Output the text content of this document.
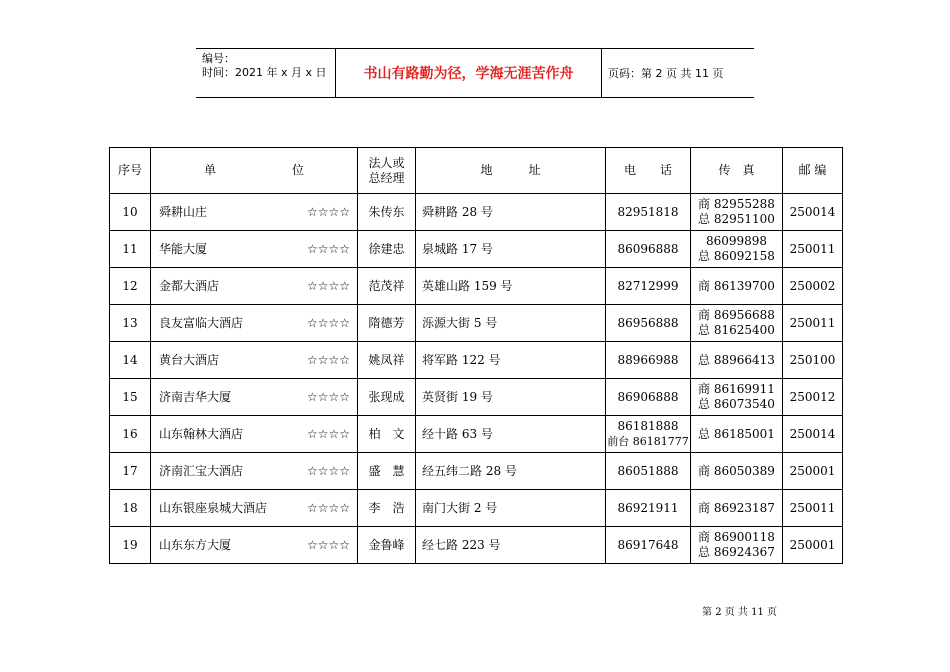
编号：
时间：2021 年 x 月 x 日	书山有路勤为径，学海无涯苦作舟	页码：第 2 页 共 11 页
序号	单 位	法人或
总经理	地　　　址	电　　话	传　真	邮 编
10	舜耕山庄 ☆☆☆☆	朱传东	舜耕路 28 号	82951818	商 82955288
总 82951100	250014
11	华能大厦 ☆☆☆☆	徐建忠	泉城路 17 号	86096888	86099898
总 86092158	250011
12	金都大酒店 ☆☆☆☆	范茂祥	英雄山路 159 号	82712999	商 86139700	250002
13	良友富临大酒店 ☆☆☆☆	隋德芳	泺源大街 5 号	86956888	商 86956688
总 81625400	250011
14	黄台大酒店 ☆☆☆☆	姚凤祥	将军路 122 号	88966988	总 88966413	250100
15	济南吉华大厦 ☆☆☆☆	张现成	英贤街 19 号	86906888	商 86169911
总 86073540	250012
16	山东翰林大酒店 ☆☆☆☆	柏　文	经十路 63 号	86181888
前台 86181777	总 86185001	250014
17	济南汇宝大酒店 ☆☆☆☆	盛　慧	经五纬二路 28 号	86051888	商 86050389	250001
18	山东银座泉城大酒店 ☆☆☆☆	李　浩	南门大街 2 号	86921911	商 86923187	250011
19	山东东方大厦 ☆☆☆☆	金鲁峰	经七路 223 号	86917648	商 86900118
总 86924367	250001
第 2 页 共 11 页
